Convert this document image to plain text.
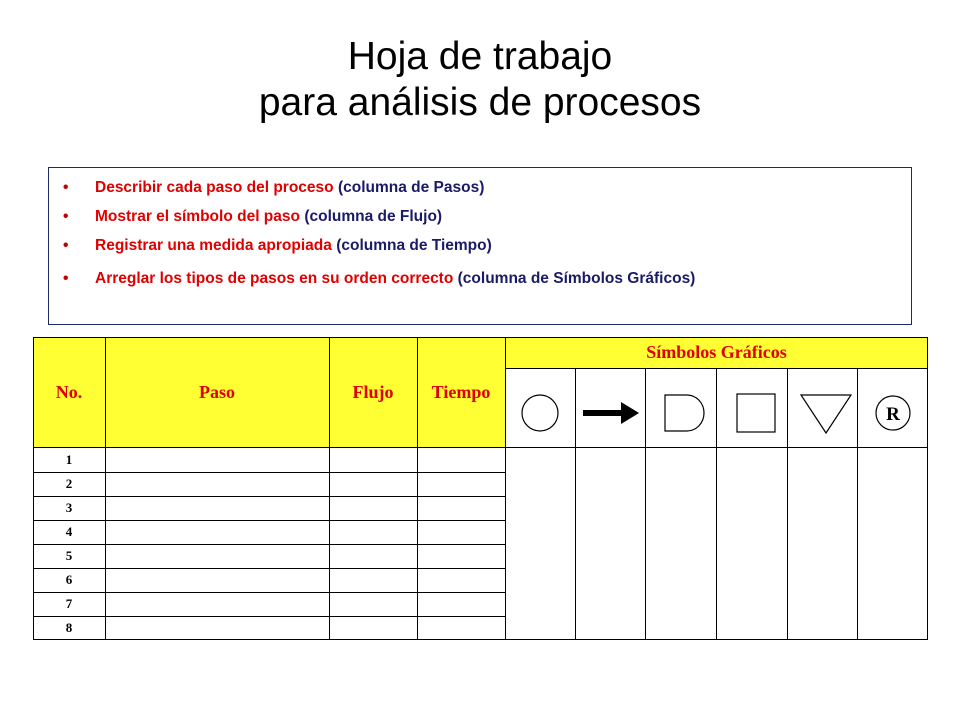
Hoja de trabajo
para análisis de procesos
• Describir cada paso del proceso (columna de Pasos)
• Mostrar el símbolo del paso (columna de Flujo)
• Registrar una medida apropiada (columna de Tiempo)
• Arreglar los tipos de pasos en su orden correcto (columna de Símbolos Gráficos)
No.	Paso	Flujo Tiempo
Símbolos Gráficos
1
2
3
4
5
6
7
8
R
